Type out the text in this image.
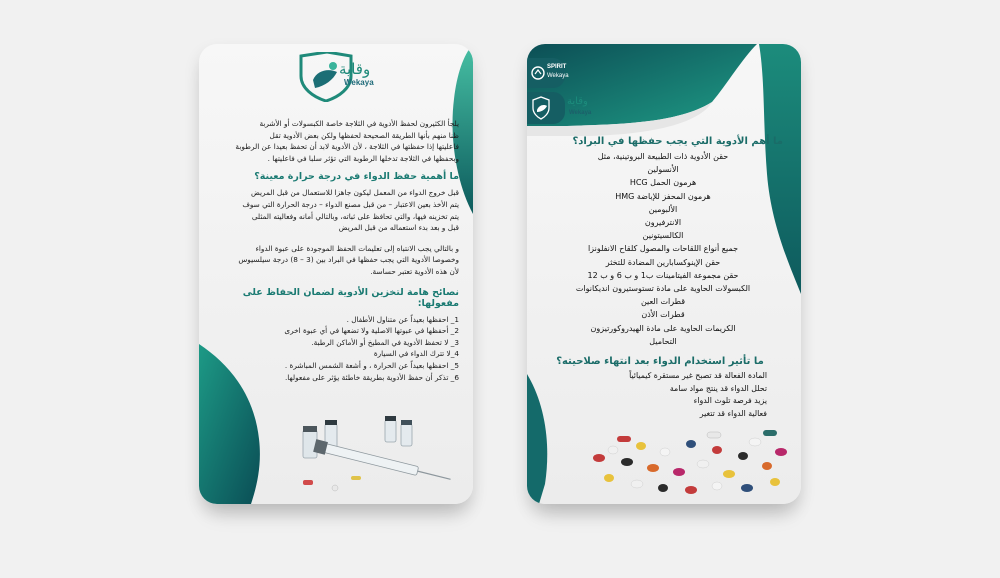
وقاية
Wekaya

يلجأ الكثيرون لحفظ الأدوية في الثلاجة خاصة الكبسولات أو الأشربة

ظنا منهم بأنها الطريقة الصحيحة لحفظها ولكن بعض الأدوية تقل

فاعليتها إذا حفظتها في الثلاجة ، لأن الأدوية لابد أن تحفظ بعيدا عن الرطوبة

وبحفظها في الثلاجة تدخلها الرطوبة التي تؤثر سلبا في فاعليتها .

ما أهمية حفظ الدواء في درجة حرارة معينة؟

قبل خروج الدواء من المعمل ليكون جاهزا للاستعمال من قبل المريض

يتم الأخذ بعين الاعتبار – من قبل مصنع الدواء – درجة الحرارة التي سوف

يتم تخزينه فيها، والتي تحافظ على ثباته، وبالتالي أمانه وفعاليته المثلى

قبل و بعد بدء استعماله من قبل المريض

و بالتالي يجب الانتباه إلى تعليمات الحفظ الموجودة على عبوة الدواء

وخصوصا الأدوية التي يجب حفظها في البراد بين (3 – 8) درجة سيلسيوس

لأن هذه الأدوية تعتبر حساسة.

نصائح هامة لتخزين الأدوية لضمان الحفاظ على مفعولها:

1_ احفظها بعيداً عن متناول الأطفال .

2_ أحفظها في عبوتها الاصلية ولا تضعها في أي عبوة اخرى

3_ لا تحفظ الأدوية في المطبخ أو الأماكن الرطبة.

4_لا تترك الدواء في السيارة

5_ احفظها بعيداً عن الحرارة ، و أشعة الشمس المباشرة .

6_ تذكر أن حفظ الأدوية بطريقة خاطئة يؤثر على مفعولها.

SPIRIT
Wekaya
وقاية
Wekaya
ما أهم الأدوية التي يجب حفظها في البراد؟

حقن الأدوية ذات الطبيعة البروتينية، مثل

الأنسولين

هرمون الحمل HCG

هرمون المحفز للإباضة HMG

الألبومين

الانترفيرون

الكالسيتونين

جميع أنواع اللقاحات والمصول كلقاح الانفلونزا

حقن الإينوكسابارين المضادة للتخثر

حقن مجموعة الفيتامينات ب1 و ب 6 و ب 12

الكبسولات الحاوية على مادة تستوستيرون انديكانوات

قطرات العين

قطرات الأذن

الكريمات الحاوية على مادة الهيدروكورتيزون

التحاميل

ما تأثير استخدام الدواء بعد انتهاء صلاحيته؟

المادة الفعالة قد تصبح غير مستقرة كيميائياً

تحلل الدواء قد ينتج مواد سامة

يزيد فرصة تلوث الدواء

فعالية الدواء قد تتغير
